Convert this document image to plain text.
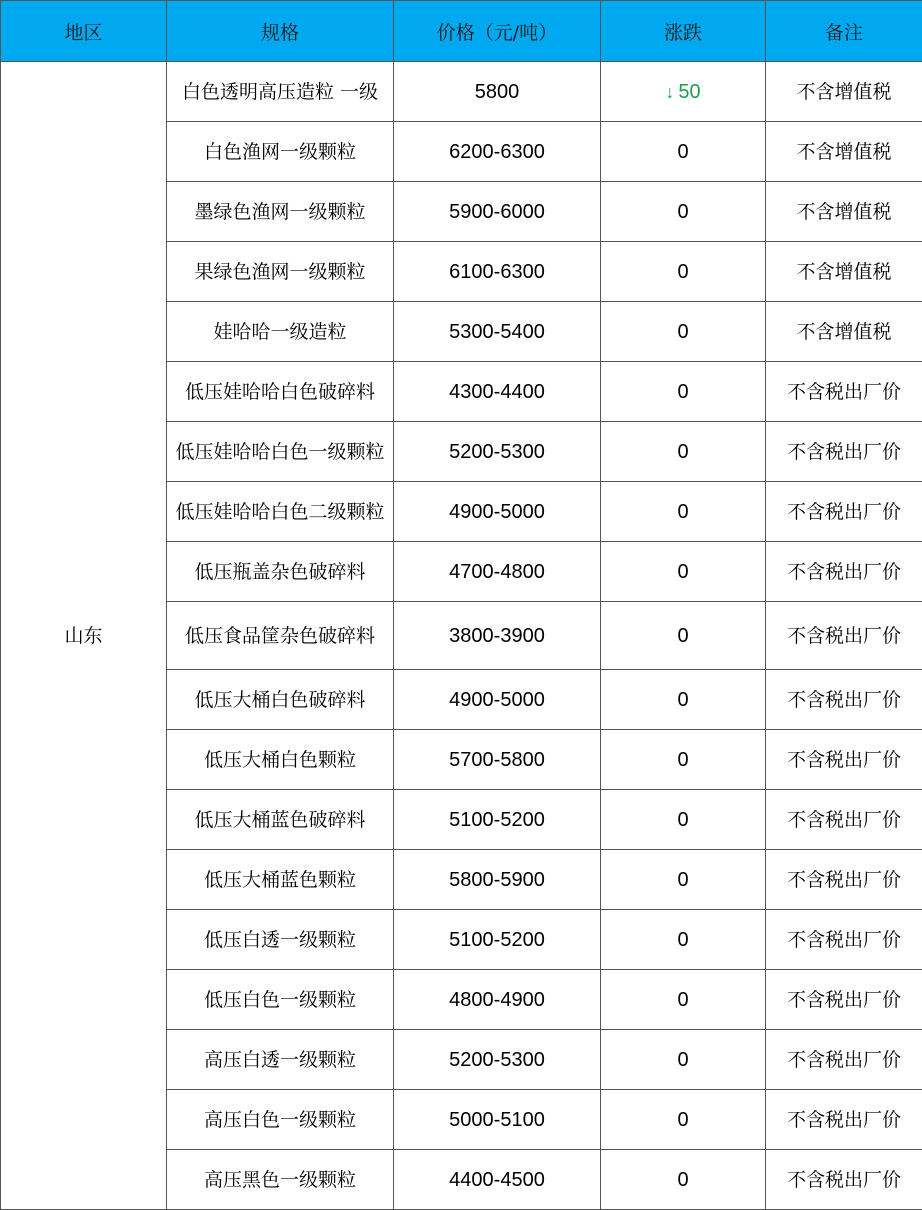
地区	规格	价格（元/吨）	涨跌	备注
山东	白色透明高压造粒 一级	5800	↓ 50	不含增值税
	白色渔网一级颗粒	6200-6300	0	不含增值税
	墨绿色渔网一级颗粒	5900-6000	0	不含增值税
	果绿色渔网一级颗粒	6100-6300	0	不含增值税
	娃哈哈一级造粒	5300-5400	0	不含增值税
	低压娃哈哈白色破碎料	4300-4400	0	不含税出厂价
	低压娃哈哈白色一级颗粒	5200-5300	0	不含税出厂价
	低压娃哈哈白色二级颗粒	4900-5000	0	不含税出厂价
	低压瓶盖杂色破碎料	4700-4800	0	不含税出厂价
	低压食品筐杂色破碎料	3800-3900	0	不含税出厂价
	低压大桶白色破碎料	4900-5000	0	不含税出厂价
	低压大桶白色颗粒	5700-5800	0	不含税出厂价
	低压大桶蓝色破碎料	5100-5200	0	不含税出厂价
	低压大桶蓝色颗粒	5800-5900	0	不含税出厂价
	低压白透一级颗粒	5100-5200	0	不含税出厂价
	低压白色一级颗粒	4800-4900	0	不含税出厂价
	高压白透一级颗粒	5200-5300	0	不含税出厂价
	高压白色一级颗粒	5000-5100	0	不含税出厂价
	高压黑色一级颗粒	4400-4500	0	不含税出厂价
